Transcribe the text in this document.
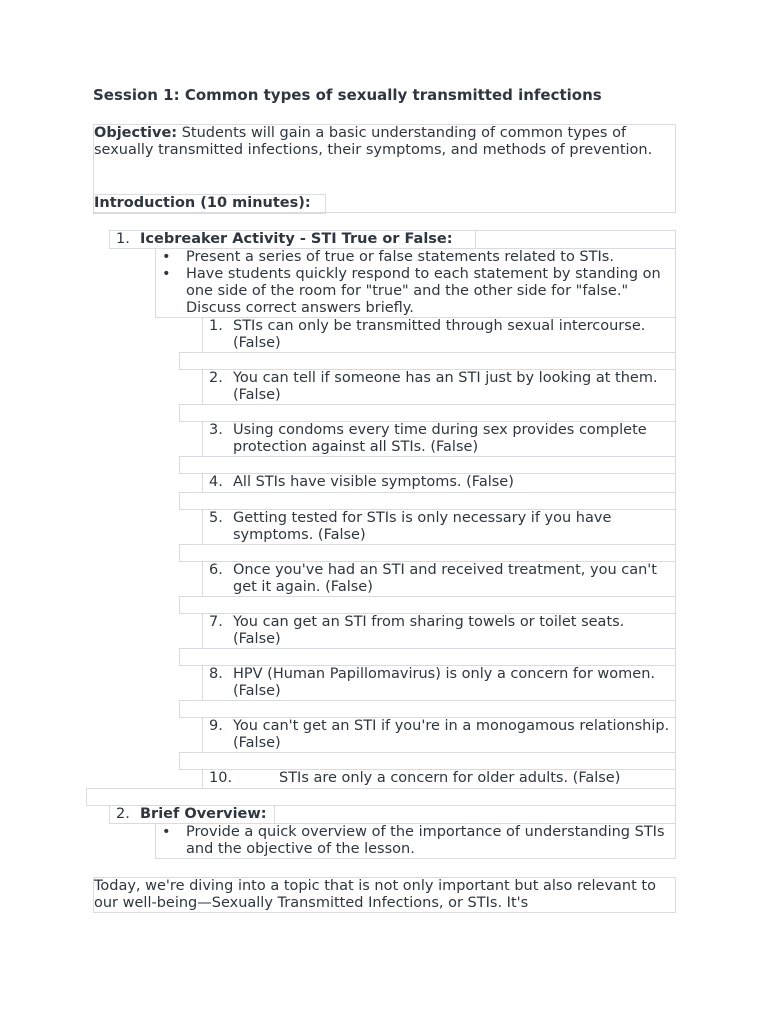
Session 1: Common types of sexually transmitted infections
Objective: Students will gain a basic understanding of common types of sexually transmitted infections, their symptoms, and methods of prevention.
Introduction (10 minutes):
1. Icebreaker Activity - STI True or False:
• Present a series of true or false statements related to STIs.
• Have students quickly respond to each statement by standing on one side of the room for "true" and the other side for "false." Discuss correct answers briefly.
1. STIs can only be transmitted through sexual intercourse. (False)
2. You can tell if someone has an STI just by looking at them. (False)
3. Using condoms every time during sex provides complete protection against all STIs. (False)
4. All STIs have visible symptoms. (False)
5. Getting tested for STIs is only necessary if you have symptoms. (False)
6. Once you've had an STI and received treatment, you can't get it again. (False)
7. You can get an STI from sharing towels or toilet seats. (False)
8. HPV (Human Papillomavirus) is only a concern for women. (False)
9. You can't get an STI if you're in a monogamous relationship. (False)
10.	STIs are only a concern for older adults. (False)
2. Brief Overview:
• Provide a quick overview of the importance of understanding STIs and the objective of the lesson.
Today, we're diving into a topic that is not only important but also relevant to our well-being—Sexually Transmitted Infections, or STIs. It's
